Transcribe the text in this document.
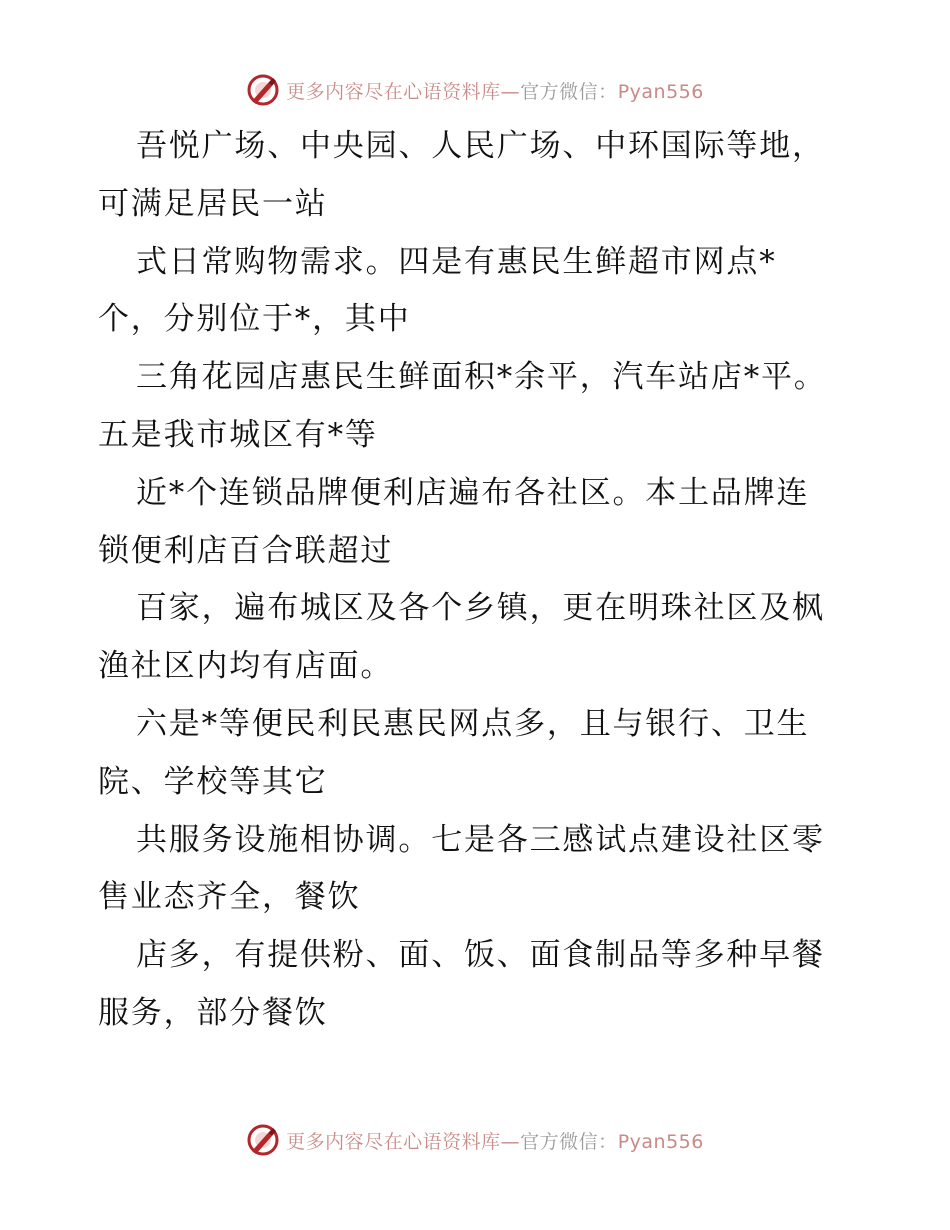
更多内容尽在心语资料库—官方微信：Pyan556
吾悦广场、中央园、人民广场、中环国际等地，
可满足居民一站
式日常购物需求。四是有惠民生鲜超市网点*
个，分别位于*，其中
三角花园店惠民生鲜面积*余平，汽车站店*平。
五是我市城区有*等
近*个连锁品牌便利店遍布各社区。本土品牌连
锁便利店百合联超过
百家，遍布城区及各个乡镇，更在明珠社区及枫
渔社区内均有店面。
六是*等便民利民惠民网点多，且与银行、卫生
院、学校等其它
共服务设施相协调。七是各三感试点建设社区零
售业态齐全，餐饮
店多，有提供粉、面、饭、面食制品等多种早餐
服务，部分餐饮
更多内容尽在心语资料库—官方微信：Pyan556
